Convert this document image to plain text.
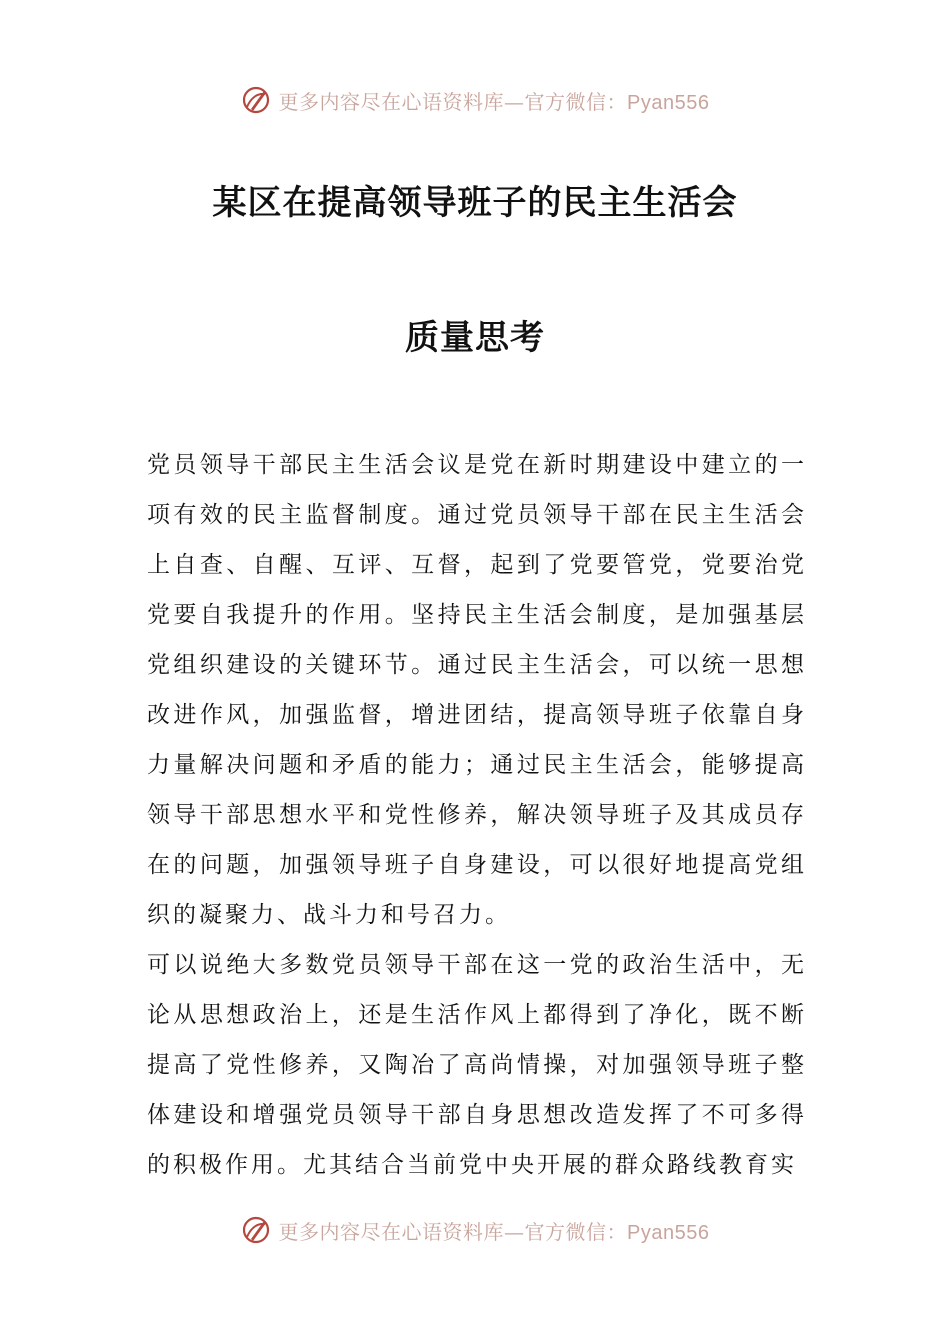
更多内容尽在心语资料库—官方微信：Pyan556
某区在提高领导班子的民主生活会
质量思考

党员领导干部民主生活会议是党在新时期建设中建立的一项有效的民主监督制度。通过党员领导干部在民主生活会上自查、自醒、互评、互督，起到了党要管党，党要治党党要自我提升的作用。坚持民主生活会制度，是加强基层党组织建设的关键环节。通过民主生活会，可以统一思想改进作风，加强监督，增进团结，提高领导班子依靠自身力量解决问题和矛盾的能力；通过民主生活会，能够提高领导干部思想水平和党性修养，解决领导班子及其成员存在的问题，加强领导班子自身建设，可以很好地提高党组织的凝聚力、战斗力和号召力。

可以说绝大多数党员领导干部在这一党的政治生活中，无论从思想政治上，还是生活作风上都得到了净化，既不断提高了党性修养，又陶冶了高尚情操，对加强领导班子整体建设和增强党员领导干部自身思想改造发挥了不可多得的积极作用。尤其结合当前党中央开展的群众路线教育实

更多内容尽在心语资料库—官方微信：Pyan556
